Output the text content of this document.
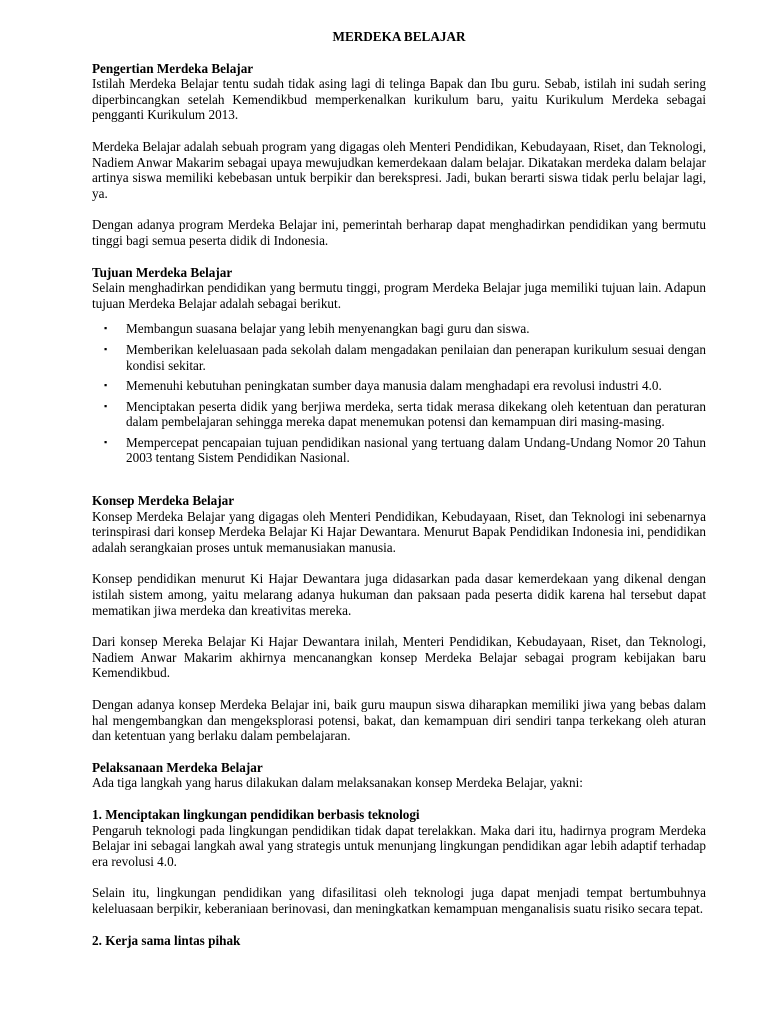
MERDEKA BELAJAR
Pengertian Merdeka Belajar

Istilah Merdeka Belajar tentu sudah tidak asing lagi di telinga Bapak dan Ibu guru. Sebab, istilah ini sudah sering diperbincangkan setelah Kemendikbud memperkenalkan kurikulum baru, yaitu Kurikulum Merdeka sebagai pengganti Kurikulum 2013.

Merdeka Belajar adalah sebuah program yang digagas oleh Menteri Pendidikan, Kebudayaan, Riset, dan Teknologi, Nadiem Anwar Makarim sebagai upaya mewujudkan kemerdekaan dalam belajar. Dikatakan merdeka dalam belajar artinya siswa memiliki kebebasan untuk berpikir dan berekspresi. Jadi, bukan berarti siswa tidak perlu belajar lagi, ya.

Dengan adanya program Merdeka Belajar ini, pemerintah berharap dapat menghadirkan pendidikan yang bermutu tinggi bagi semua peserta didik di Indonesia.

Tujuan Merdeka Belajar

Selain menghadirkan pendidikan yang bermutu tinggi, program Merdeka Belajar juga memiliki tujuan lain. Adapun tujuan Merdeka Belajar adalah sebagai berikut.

▪ Membangun suasana belajar yang lebih menyenangkan bagi guru dan siswa.
▪ Memberikan keleluasaan pada sekolah dalam mengadakan penilaian dan penerapan kurikulum sesuai dengan kondisi sekitar.
▪ Memenuhi kebutuhan peningkatan sumber daya manusia dalam menghadapi era revolusi industri 4.0.
▪ Menciptakan peserta didik yang berjiwa merdeka, serta tidak merasa dikekang oleh ketentuan dan peraturan dalam pembelajaran sehingga mereka dapat menemukan potensi dan kemampuan diri masing-masing.
▪ Mempercepat pencapaian tujuan pendidikan nasional yang tertuang dalam Undang-Undang Nomor 20 Tahun 2003 tentang Sistem Pendidikan Nasional.
Konsep Merdeka Belajar

Konsep Merdeka Belajar yang digagas oleh Menteri Pendidikan, Kebudayaan, Riset, dan Teknologi ini sebenarnya terinspirasi dari konsep Merdeka Belajar Ki Hajar Dewantara. Menurut Bapak Pendidikan Indonesia ini, pendidikan adalah serangkaian proses untuk memanusiakan manusia.

Konsep pendidikan menurut Ki Hajar Dewantara juga didasarkan pada dasar kemerdekaan yang dikenal dengan istilah sistem among, yaitu melarang adanya hukuman dan paksaan pada peserta didik karena hal tersebut dapat mematikan jiwa merdeka dan kreativitas mereka.

Dari konsep Mereka Belajar Ki Hajar Dewantara inilah, Menteri Pendidikan, Kebudayaan, Riset, dan Teknologi, Nadiem Anwar Makarim akhirnya mencanangkan konsep Merdeka Belajar sebagai program kebijakan baru Kemendikbud.

Dengan adanya konsep Merdeka Belajar ini, baik guru maupun siswa diharapkan memiliki jiwa yang bebas dalam hal mengembangkan dan mengeksplorasi potensi, bakat, dan kemampuan diri sendiri tanpa terkekang oleh aturan dan ketentuan yang berlaku dalam pembelajaran.

Pelaksanaan Merdeka Belajar

Ada tiga langkah yang harus dilakukan dalam melaksanakan konsep Merdeka Belajar, yakni:

1. Menciptakan lingkungan pendidikan berbasis teknologi

Pengaruh teknologi pada lingkungan pendidikan tidak dapat terelakkan. Maka dari itu, hadirnya program Merdeka Belajar ini sebagai langkah awal yang strategis untuk menunjang lingkungan pendidikan agar lebih adaptif terhadap era revolusi 4.0.

Selain itu, lingkungan pendidikan yang difasilitasi oleh teknologi juga dapat menjadi tempat bertumbuhnya keleluasaan berpikir, keberaniaan berinovasi, dan meningkatkan kemampuan menganalisis suatu risiko secara tepat.

2. Kerja sama lintas pihak
